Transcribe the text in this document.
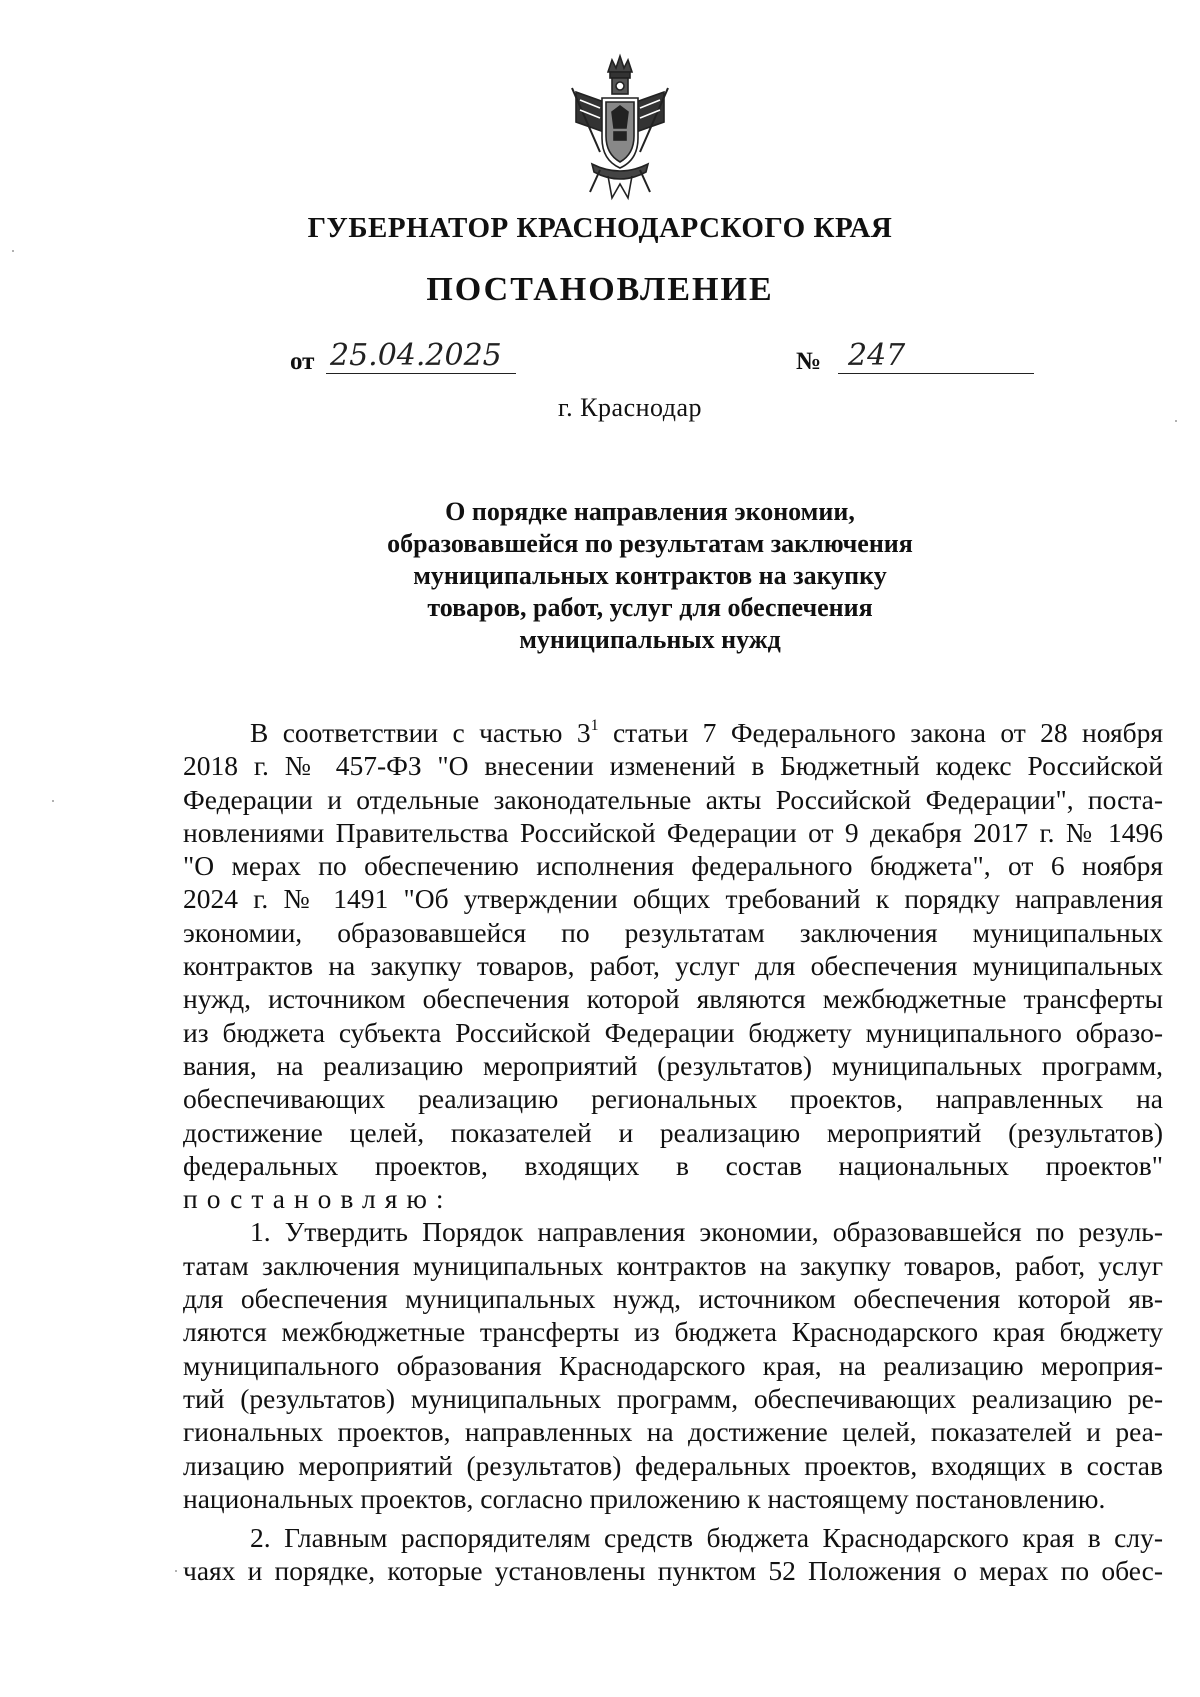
ГУБЕРНАТОР КРАСНОДАРСКОГО КРАЯ
ПОСТАНОВЛЕНИЕ
от 25.04.2025	№ 247
г. Краснодар
О порядке направления экономии,
образовавшейся по результатам заключения
муниципальных контрактов на закупку
товаров, работ, услуг для обеспечения
муниципальных нужд
В соответствии с частью $3^1$ статьи 7 Федерального закона от 28 ноября
2018 г. № 457-ФЗ "О внесении изменений в Бюджетный кодекс Российской
Федерации и отдельные законодательные акты Российской Федерации", поста-
новлениями Правительства Российской Федерации от 9 декабря 2017 г. № 1496
"О мерах по обеспечению исполнения федерального бюджета", от 6 ноября
2024 г. № 1491 "Об утверждении общих требований к порядку направления
экономии, образовавшейся по результатам заключения муниципальных
контрактов на закупку товаров, работ, услуг для обеспечения муниципальных
нужд, источником обеспечения которой являются межбюджетные трансферты
из бюджета субъекта Российской Федерации бюджету муниципального образо-
вания, на реализацию мероприятий (результатов) муниципальных программ,
обеспечивающих реализацию региональных проектов, направленных на
достижение целей, показателей и реализацию мероприятий (результатов)
федеральных проектов, входящих в состав национальных проектов"
постановляю:
1. Утвердить Порядок направления экономии, образовавшейся по резуль-
татам заключения муниципальных контрактов на закупку товаров, работ, услуг
для обеспечения муниципальных нужд, источником обеспечения которой яв-
ляются межбюджетные трансферты из бюджета Краснодарского края бюджету
муниципального образования Краснодарского края, на реализацию мероприя-
тий (результатов) муниципальных программ, обеспечивающих реализацию ре-
гиональных проектов, направленных на достижение целей, показателей и реа-
лизацию мероприятий (результатов) федеральных проектов, входящих в состав
национальных проектов, согласно приложению к настоящему постановлению.
2. Главным распорядителям средств бюджета Краснодарского края в слу-
чаях и порядке, которые установлены пунктом 52 Положения о мерах по обес-
